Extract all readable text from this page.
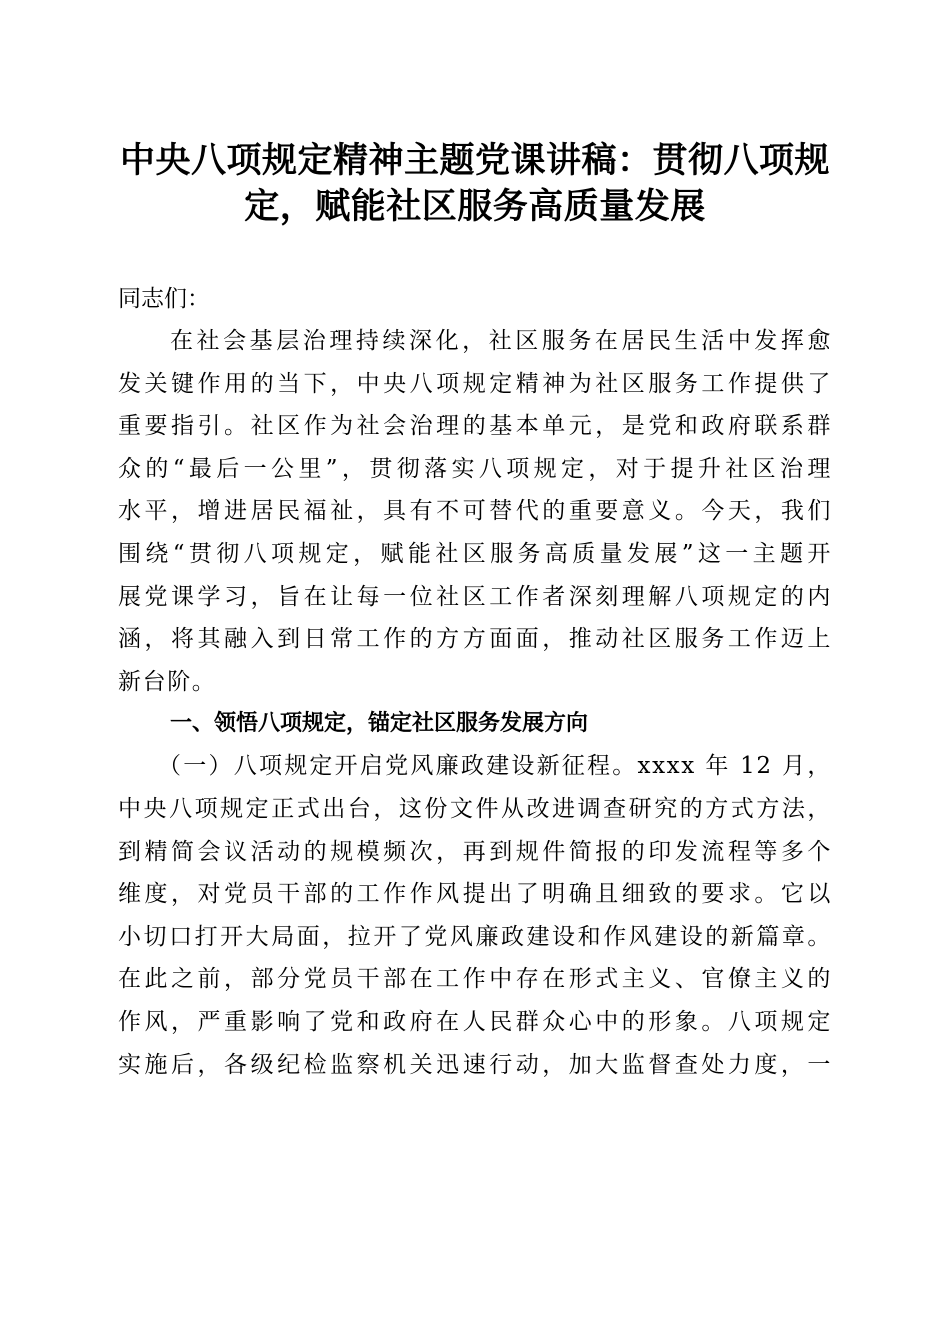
中央八项规定精神主题党课讲稿：贯彻八项规
定，赋能社区服务高质量发展

同志们：

在社会基层治理持续深化，社区服务在居民生活中发挥愈
发关键作用的当下，中央八项规定精神为社区服务工作提供了
重要指引。社区作为社会治理的基本单元，是党和政府联系群
众的“最后一公里”，贯彻落实八项规定，对于提升社区治理
水平，增进居民福祉，具有不可替代的重要意义。今天，我们
围绕“贯彻八项规定，赋能社区服务高质量发展”这一主题开
展党课学习，旨在让每一位社区工作者深刻理解八项规定的内
涵，将其融入到日常工作的方方面面，推动社区服务工作迈上
新台阶。

一、领悟八项规定，锚定社区服务发展方向

（一）八项规定开启党风廉政建设新征程。xxxx 年 12 月，
中央八项规定正式出台，这份文件从改进调查研究的方式方法，
到精简会议活动的规模频次，再到规件简报的印发流程等多个
维度，对党员干部的工作作风提出了明确且细致的要求。它以
小切口打开大局面，拉开了党风廉政建设和作风建设的新篇章。
在此之前，部分党员干部在工作中存在形式主义、官僚主义的
作风，严重影响了党和政府在人民群众心中的形象。八项规定
实施后，各级纪检监察机关迅速行动，加大监督查处力度，一
